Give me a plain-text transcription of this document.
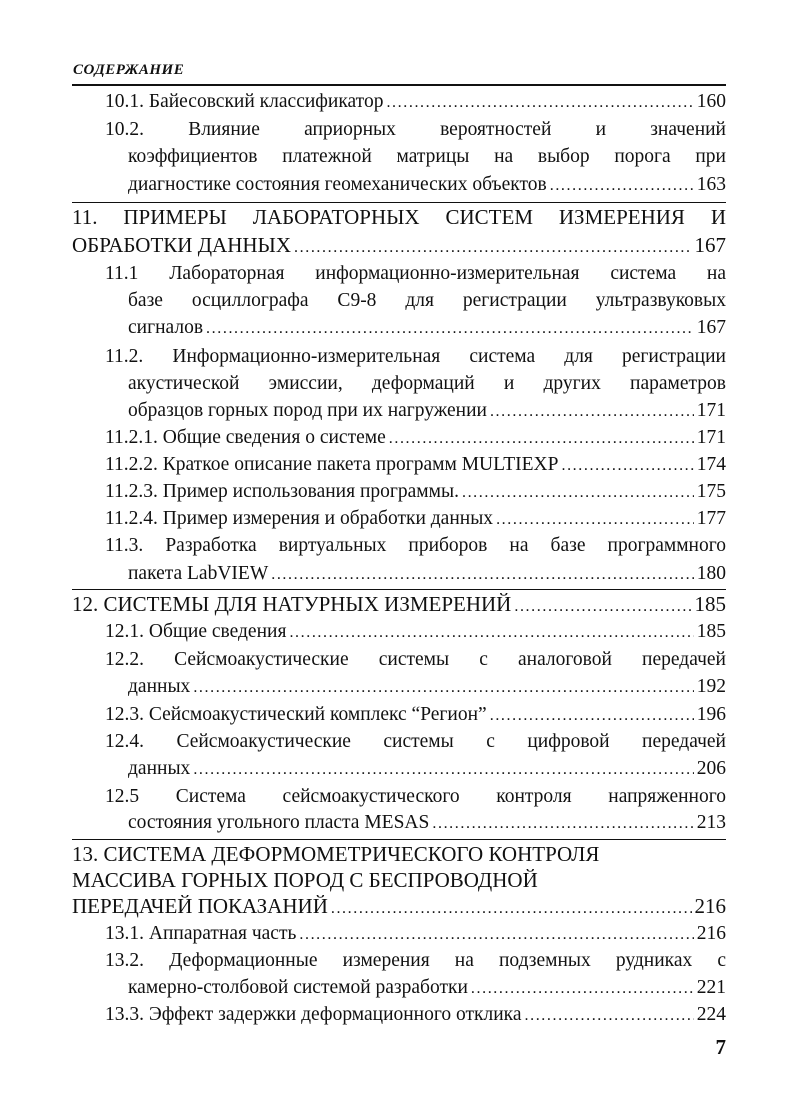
СОДЕРЖАНИЕ
10.1. Байесовский классификатор .....	160
10.2. Влияние априорных вероятностей и значений
коэффициентов платежной матрицы на выбор порога при
диагностике состояния геомеханических объектов .....	163
11. ПРИМЕРЫ ЛАБОРАТОРНЫХ СИСТЕМ ИЗМЕРЕНИЯ И
ОБРАБОТКИ ДАННЫХ .....	167
11.1 Лабораторная информационно-измерительная система на
базе осциллографа С9-8 для регистрации ультразвуковых
сигналов .....	167
11.2. Информационно-измерительная система для регистрации
акустической эмиссии, деформаций и других параметров
образцов горных пород при их нагружении .....	171
11.2.1. Общие сведения о системе .....	171
11.2.2. Краткое описание пакета программ MULTIEXP .....	174
11.2.3. Пример использования программы. .....	175
11.2.4. Пример измерения и обработки данных .....	177
11.3. Разработка виртуальных приборов на базе программного
пакета LabVIEW .....	180
12. СИСТЕМЫ ДЛЯ НАТУРНЫХ ИЗМЕРЕНИЙ .....	185
12.1. Общие сведения .....	185
12.2. Сейсмоакустические системы с аналоговой передачей
данных .....	192
12.3. Сейсмоакустический комплекс “Регион” .....	196
12.4. Сейсмоакустические системы с цифровой передачей
данных .....	206
12.5 Система сейсмоакустического контроля напряженного
состояния угольного пласта MESAS .....	213
13. СИСТЕМА ДЕФОРМОМЕТРИЧЕСКОГО КОНТРОЛЯ
МАССИВА ГОРНЫХ ПОРОД С БЕСПРОВОДНОЙ
ПЕРЕДАЧЕЙ ПОКАЗАНИЙ .....	216
13.1. Аппаратная часть .....	216
13.2. Деформационные измерения на подземных рудниках с
камерно-столбовой системой разработки .....	221
13.3. Эффект задержки деформационного отклика .....	224
7
